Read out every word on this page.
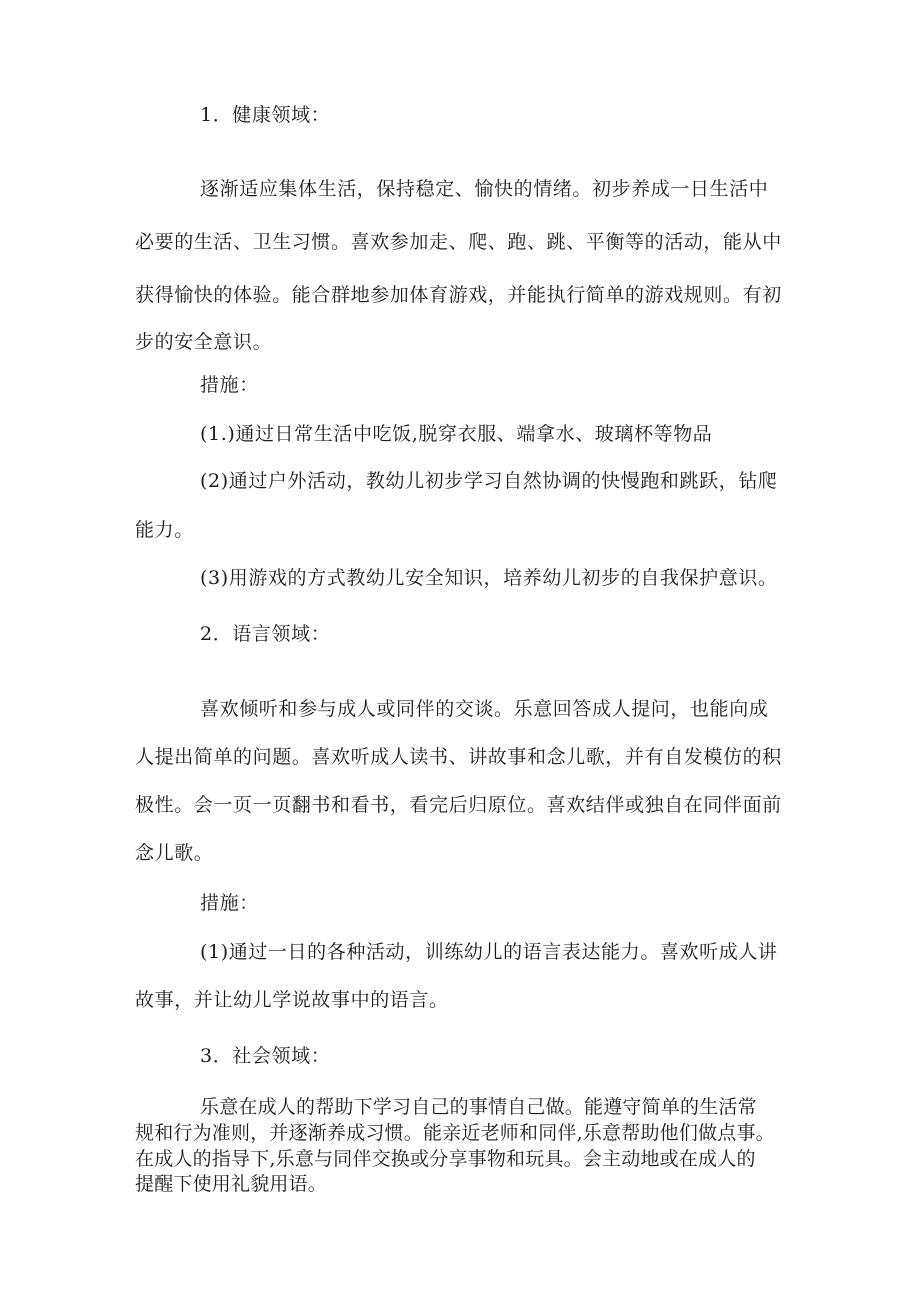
1．健康领域：
逐渐适应集体生活，保持稳定、愉快的情绪。初步养成一日生活中
必要的生活、卫生习惯。喜欢参加走、爬、跑、跳、平衡等的活动，能从中
获得愉快的体验。能合群地参加体育游戏，并能执行简单的游戏规则。有初
步的安全意识。
措施：
(1.)通过日常生活中吃饭,脱穿衣服、端拿水、玻璃杯等物品
(2)通过户外活动，教幼儿初步学习自然协调的快慢跑和跳跃，钻爬
能力。
(3)用游戏的方式教幼儿安全知识，培养幼儿初步的自我保护意识。
2．语言领域：
喜欢倾听和参与成人或同伴的交谈。乐意回答成人提问，也能向成
人提出简单的问题。喜欢听成人读书、讲故事和念儿歌，并有自发模仿的积
极性。会一页一页翻书和看书，看完后归原位。喜欢结伴或独自在同伴面前
念儿歌。
措施：
(1)通过一日的各种活动，训练幼儿的语言表达能力。喜欢听成人讲
故事，并让幼儿学说故事中的语言。
3．社会领域：
乐意在成人的帮助下学习自己的事情自己做。能遵守简单的生活常
规和行为准则，并逐渐养成习惯。能亲近老师和同伴,乐意帮助他们做点事。
在成人的指导下,乐意与同伴交换或分享事物和玩具。会主动地或在成人的
提醒下使用礼貌用语。
